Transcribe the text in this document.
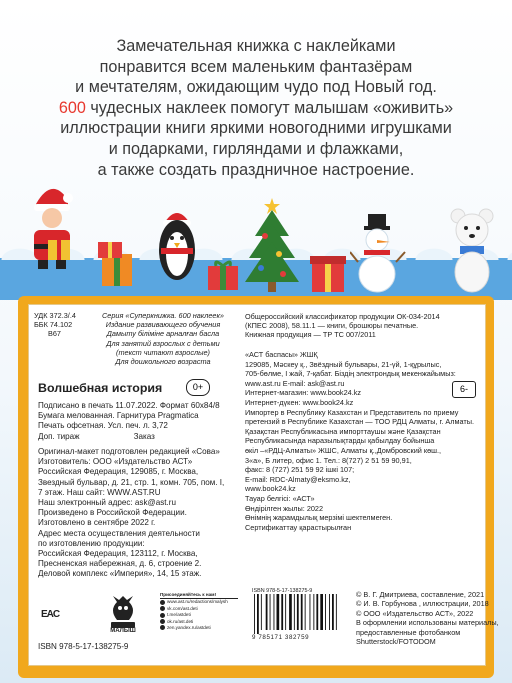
Замечательная книжка с наклейками
понравится всем маленьким фантазёрам
и мечтателям, ожидающим чудо под Новый год.
600 чудесных наклеек помогут малышам «оживить»
иллюстрации книги яркими новогодними игрушками
и подарками, гирляндами и флажками,
а также создать праздничное настроение.
УДК 372.3/.4
ББК 74.102
В67
Серия «Суперкнижка. 600 наклеек»
Издание развивающего обучения
Дамыту білімінe арналған басла
Для занятий взрослых с детьми
(текст читают взрослые)
Для дошкольного возраста
Общероссийский классификатор продукции ОК-034-2014
(КПЕС 2008), 58.11.1 — книги, брошюры печатные.
Книжная продукция — ТР ТС 007/2011
Волшебная история	0+	6-
Подписано в печать 11.07.2022. Формат 60x84/8
Бумага мелованная. Гарнитура Pragmatica
Печать офсетная. Усл. печ. л. 3,72
Доп. тираж	Заказ
Оригинал-макет подготовлен редакцией «Сова»
Изготовитель: ООО «Издательство АСТ»
Российская Федерация, 129085, г. Москва,
Звездный бульвар, д. 21, стр. 1, комн. 705, пом. I,
7 этаж. Наш сайт: WWW.AST.RU
Наш электронный адрес: ask@ast.ru
Произведено в Российской Федерации.
Изготовлено в сентябре 2022 г.
Адрес места осуществления деятельности
по изготовлению продукции:
Российская Федерация, 123112, г. Москва,
Пресненская набережная, д. 6, строение 2.
Деловой комплекс «Империя», 14, 15 этаж.
«АСТ баспасы» ЖШҚ
129085, Мәскеу қ., Звёздный бульвары, 21-үй, 1-құрылыс,
705-бөлме, I жай, 7-қабат. Біздің электрондық мекенжайымыз:
www.ast.ru E-mail: ask@ast.ru
Интернет-магазин: www.book24.kz
Интернет-дүкен: www.book24.kz
Импортер в Республику Казахстан и Представитель по приему
претензий в Республике Казахстан — ТОО РДЦ Алматы, г. Алматы.
Қазақстан Республикасына импорттаушы және Қазақстан
Республикасында наразылықтарды қабылдау бойынша
өкіл –«РДЦ-Алматы» ЖШС, Алматы қ.,Домбровский көш.,
3«а», Б литер, офис 1. Тел.: 8(727) 2 51 59 90,91,
факс: 8 (727) 251 59 92 ішкі 107;
E-mail: RDC-Almaty@eksmo.kz,
www.book24.kz
Тауар белгісі: «АСТ»
Өндірілген жылы: 2022
Өнімнің жарамдылық мерзімі шектелмеген.
Сертификаттау қарастырылған
Присоединяйтесь к нам!
www.ast.ru/redactions/malysh
vk.com/ast.deti
t.me/astdeti
ok.ru/ast.deti
zen.yandex.ru/astdeti
EAC
МАЛЫШ
ISBN 978-5-17-138275-9
ISBN 978-5-17-138275-9
9 785171 382759
© В. Г. Дмитриева, составление, 2021
© И. В. Горбунова , иллюстрации, 2018
© ООО «Издательство АСТ», 2022
В оформлении использованы материалы,
предоставленные фотобанком
Shutterstock/FOTODOM
